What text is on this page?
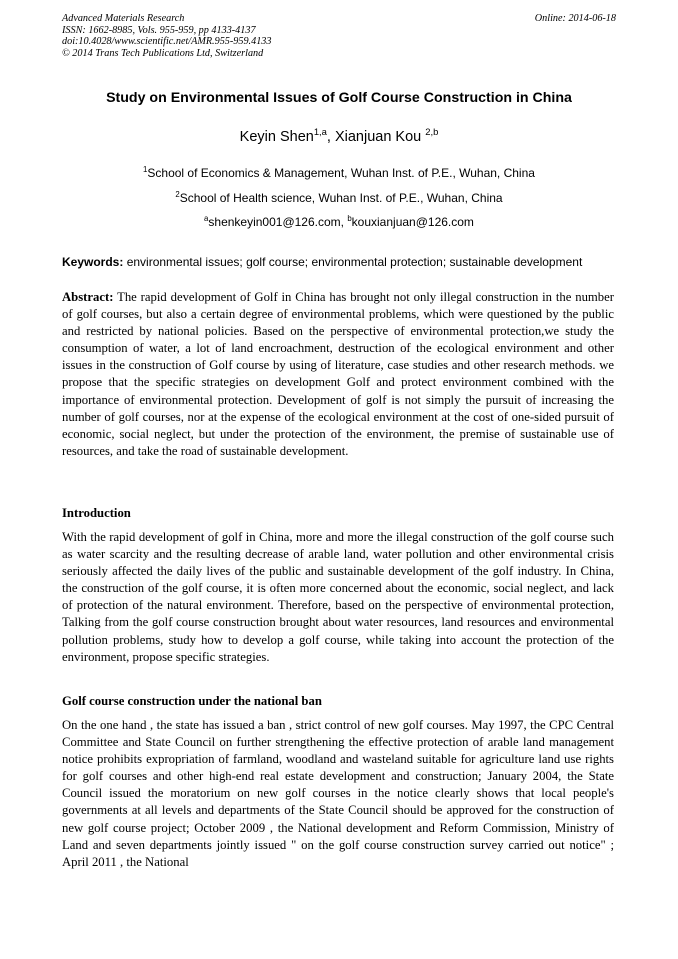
Advanced Materials Research
ISSN: 1662-8985, Vols. 955-959, pp 4133-4137
doi:10.4028/www.scientific.net/AMR.955-959.4133
© 2014 Trans Tech Publications Ltd, Switzerland
Online: 2014-06-18
Study on Environmental Issues of Golf Course Construction in China
Keyin Shen$^{1,a}$, Xianjuan Kou $^{2,b}$
$^1$School of Economics & Management, Wuhan Inst. of P.E., Wuhan, China
$^2$School of Health science, Wuhan Inst. of P.E., Wuhan, China
$^a$shenkeyin001@126.com, $^b$kouxianjuan@126.com
Keywords: environmental issues; golf course; environmental protection; sustainable development
Abstract: The rapid development of Golf in China has brought not only illegal construction in the number of golf courses, but also a certain degree of environmental problems, which were questioned by the public and restricted by national policies. Based on the perspective of environmental protection,we study the consumption of water, a lot of land encroachment, destruction of the ecological environment and other issues in the construction of Golf course by using of literature, case studies and other research methods. we propose that the specific strategies on development Golf and protect environment combined with the importance of environmental protection. Development of golf is not simply the pursuit of increasing the number of golf courses, nor at the expense of the ecological environment at the cost of one-sided pursuit of economic, social neglect, but under the protection of the environment, the premise of sustainable use of resources, and take the road of sustainable development.
Introduction
With the rapid development of golf in China, more and more the illegal construction of the golf course such as water scarcity and the resulting decrease of arable land, water pollution and other environmental crisis seriously affected the daily lives of the public and sustainable development of the golf industry. In China, the construction of the golf course, it is often more concerned about the economic, social neglect, and lack of protection of the natural environment. Therefore, based on the perspective of environmental protection, Talking from the golf course construction brought about water resources, land resources and environmental pollution problems, study how to develop a golf course, while taking into account the protection of the environment, propose specific strategies.
Golf course construction under the national ban
On the one hand , the state has issued a ban , strict control of new golf courses. May 1997, the CPC Central Committee and State Council on further strengthening the effective protection of arable land management notice prohibits expropriation of farmland, woodland and wasteland suitable for agriculture land use rights for golf courses and other high-end real estate development and construction; January 2004, the State Council issued the moratorium on new golf courses in the notice clearly shows that local people's governments at all levels and departments of the State Council should be approved for the construction of new golf course project; October 2009 , the National development and Reform Commission, Ministry of Land and seven departments jointly issued " on the golf course construction survey carried out notice" ; April 2011 , the National
